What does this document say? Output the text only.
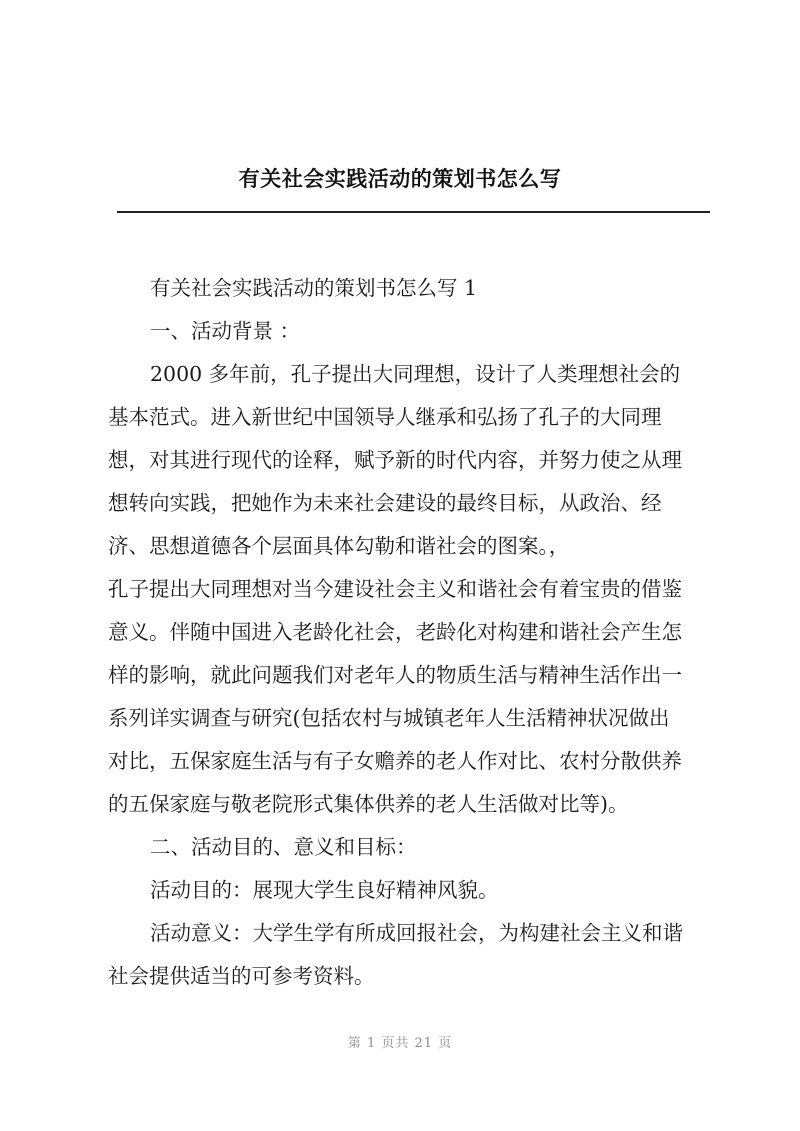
有关社会实践活动的策划书怎么写
有关社会实践活动的策划书怎么写 1
一、活动背景 ：
2000 多年前，孔子提出大同理想，设计了人类理想社会的
基本范式。进入新世纪中国领导人继承和弘扬了孔子的大同理
想，对其进行现代的诠释，赋予新的时代内容，并努力使之从理
想转向实践，把她作为未来社会建设的最终目标，从政治、经
济、思想道德各个层面具体勾勒和谐社会的图案。，
孔子提出大同理想对当今建设社会主义和谐社会有着宝贵的借鉴
意义。伴随中国进入老龄化社会，老龄化对构建和谐社会产生怎
样的影响，就此问题我们对老年人的物质生活与精神生活作出一
系列详实调查与研究(包括农村与城镇老年人生活精神状况做出
对比，五保家庭生活与有子女赡养的老人作对比、农村分散供养
的五保家庭与敬老院形式集体供养的老人生活做对比等)。
二、活动目的、意义和目标：
活动目的：展现大学生良好精神风貌。
活动意义：大学生学有所成回报社会，为构建社会主义和谐
社会提供适当的可参考资料。
第 1 页共 21 页
